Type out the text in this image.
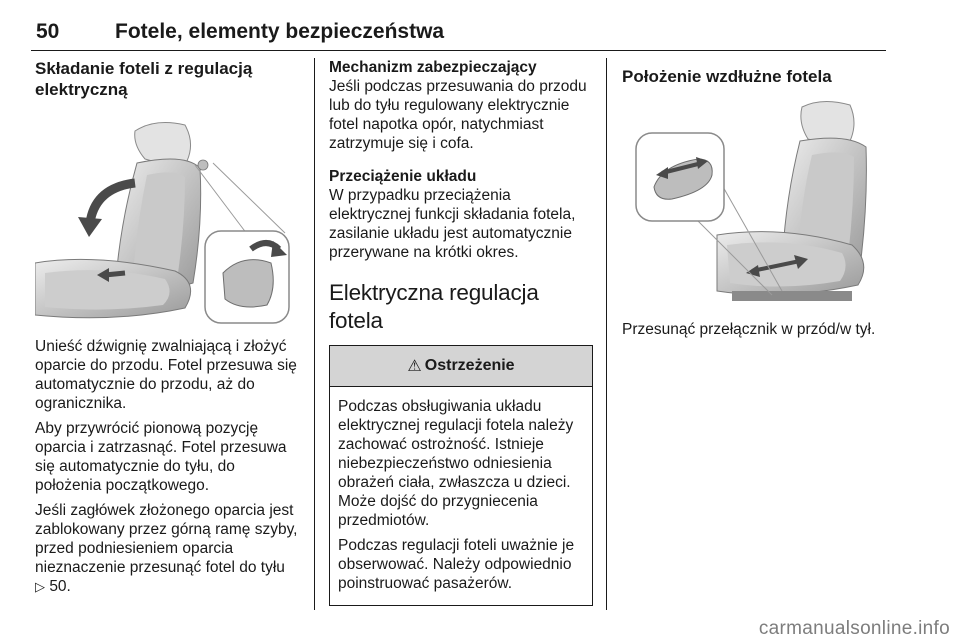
50	Fotele, elementy bezpieczeństwa
Składanie foteli z regulacją elektryczną

Unieść dźwignię zwalniającą i złożyć oparcie do przodu. Fotel przesuwa się automatycznie do przodu, aż do ogranicznika.

Aby przywrócić pionową pozycję oparcia i zatrzasnąć. Fotel przesuwa się automatycznie do tyłu, do położenia początkowego.

Jeśli zagłówek złożonego oparcia jest zablokowany przez górną ramę szyby, przed podniesieniem oparcia nieznaczenie przesunąć fotel do tyłu
▷ 50.

Mechanizm zabezpieczający

Jeśli podczas przesuwania do przodu lub do tyłu regulowany elektrycznie fotel napotka opór, natychmiast zatrzymuje się i cofa.

Przeciążenie układu

W przypadku przeciążenia elektrycznej funkcji składania fotela, zasilanie układu jest automatycznie przerywane na krótki okres.

Elektryczna regulacja fotela
⚠ Ostrzeżenie

Podczas obsługiwania układu elektrycznej regulacji fotela należy zachować ostrożność. Istnieje niebezpieczeństwo odniesienia obrażeń ciała, zwłaszcza u dzieci. Może dojść do przygniecenia przedmiotów.

Podczas regulacji foteli uważnie je obserwować. Należy odpowiednio poinstruować pasażerów.

Położenie wzdłużne fotela

Przesunąć przełącznik w przód/w tył.

carmanualsonline.info
